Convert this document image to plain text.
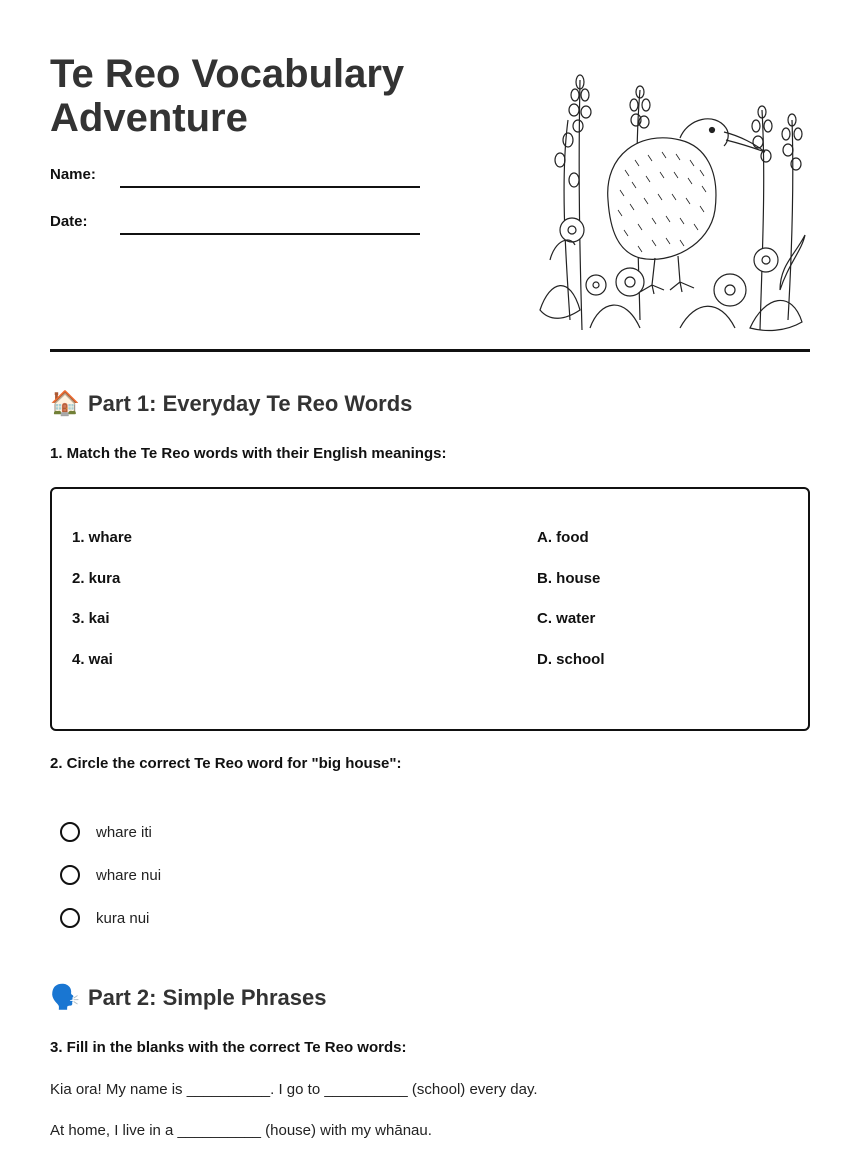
Te Reo Vocabulary
Adventure
Name:
Date:
🏠 Part 1: Everyday Te Reo Words
1. Match the Te Reo words with their English meanings:
1. whare
2. kura
3. kai
4. wai
A. food
B. house
C. water
D. school
2. Circle the correct Te Reo word for "big house":
whare iti
whare nui
kura nui
🗣️ Part 2: Simple Phrases
3. Fill in the blanks with the correct Te Reo words:
Kia ora! My name is __________. I go to __________ (school) every day.
At home, I live in a __________ (house) with my whānau.
